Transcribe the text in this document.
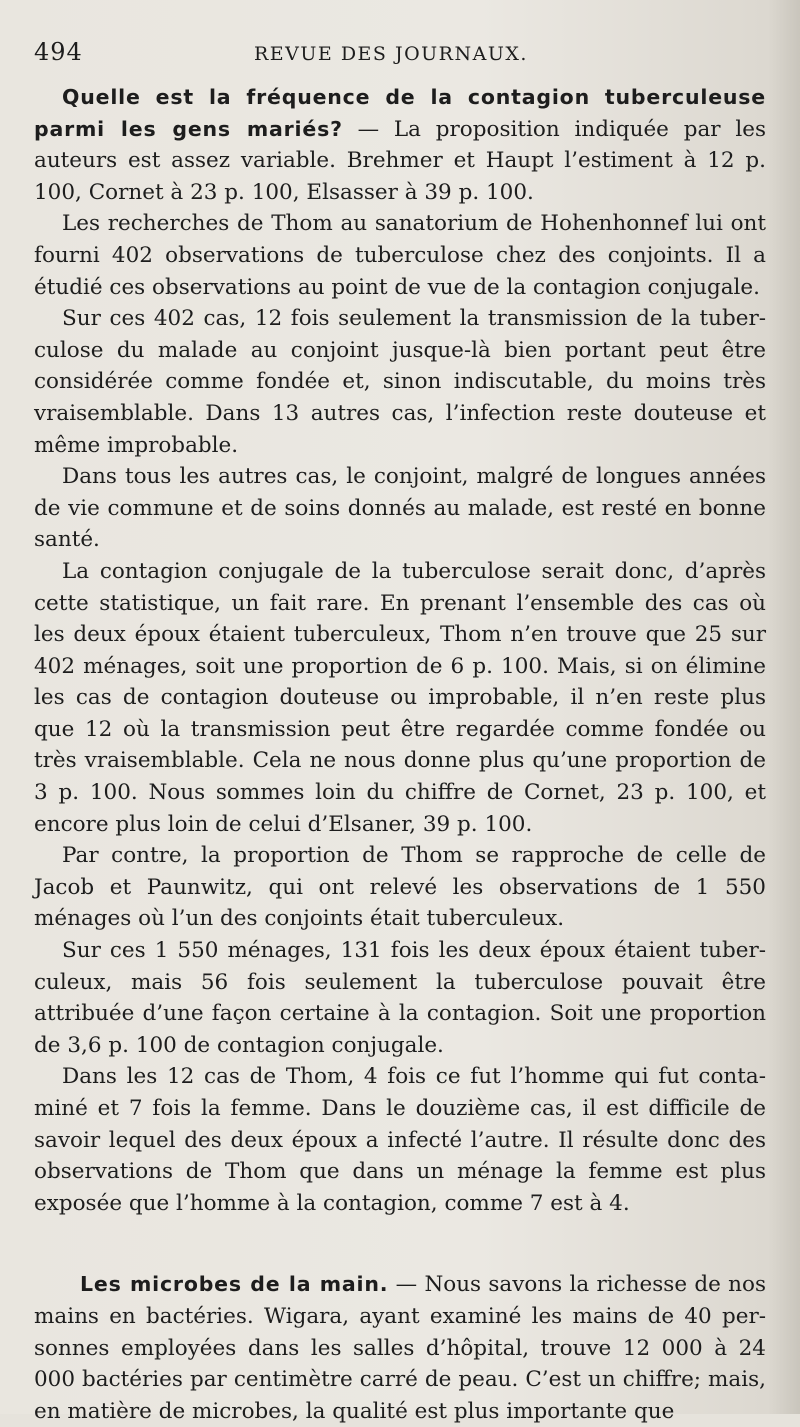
494	REVUE DES JOURNAUX.

Quelle est la fréquence de la contagion tuberculeuse parmi les gens mariés? — La proposition indiquée par les auteurs est assez variable. Brehmer et Haupt l’estiment à 12 p. 100, Cornet à 23 p. 100, Elsasser à 39 p. 100.

Les recherches de Thom au sanatorium de Hohenhonnef lui ont fourni 402 observations de tuberculose chez des conjoints. Il a étudié ces observations au point de vue de la contagion conjugale.

Sur ces 402 cas, 12 fois seulement la transmission de la tuber-culose du malade au conjoint jusque-là bien portant peut être considérée comme fondée et, sinon indiscutable, du moins très vraisemblable. Dans 13 autres cas, l’infection reste douteuse et même improbable.

Dans tous les autres cas, le conjoint, malgré de longues années de vie commune et de soins donnés au malade, est resté en bonne santé.

La contagion conjugale de la tuberculose serait donc, d’après cette statistique, un fait rare. En prenant l’ensemble des cas où les deux époux étaient tuberculeux, Thom n’en trouve que 25 sur 402 ménages, soit une proportion de 6 p. 100. Mais, si on élimine les cas de contagion douteuse ou improbable, il n’en reste plus que 12 où la transmission peut être regardée comme fondée ou très vraisemblable. Cela ne nous donne plus qu’une proportion de 3 p. 100. Nous sommes loin du chiffre de Cornet, 23 p. 100, et encore plus loin de celui d’Elsaner, 39 p. 100.

Par contre, la proportion de Thom se rapproche de celle de Jacob et Paunwitz, qui ont relevé les observations de 1 550 ménages où l’un des conjoints était tuberculeux.

Sur ces 1 550 ménages, 131 fois les deux époux étaient tuber-culeux, mais 56 fois seulement la tuberculose pouvait être attribuée d’une façon certaine à la contagion. Soit une proportion de 3,6 p. 100 de contagion conjugale.

Dans les 12 cas de Thom, 4 fois ce fut l’homme qui fut conta-miné et 7 fois la femme. Dans le douzième cas, il est difficile de savoir lequel des deux époux a infecté l’autre. Il résulte donc des observations de Thom que dans un ménage la femme est plus exposée que l’homme à la contagion, comme 7 est à 4.

Les microbes de la main. — Nous savons la richesse de nos mains en bactéries. Wigara, ayant examiné les mains de 40 per-sonnes employées dans les salles d’hôpital, trouve 12 000 à 24 000 bactéries par centimètre carré de peau. C’est un chiffre; mais, en matière de microbes, la qualité est plus importante que
